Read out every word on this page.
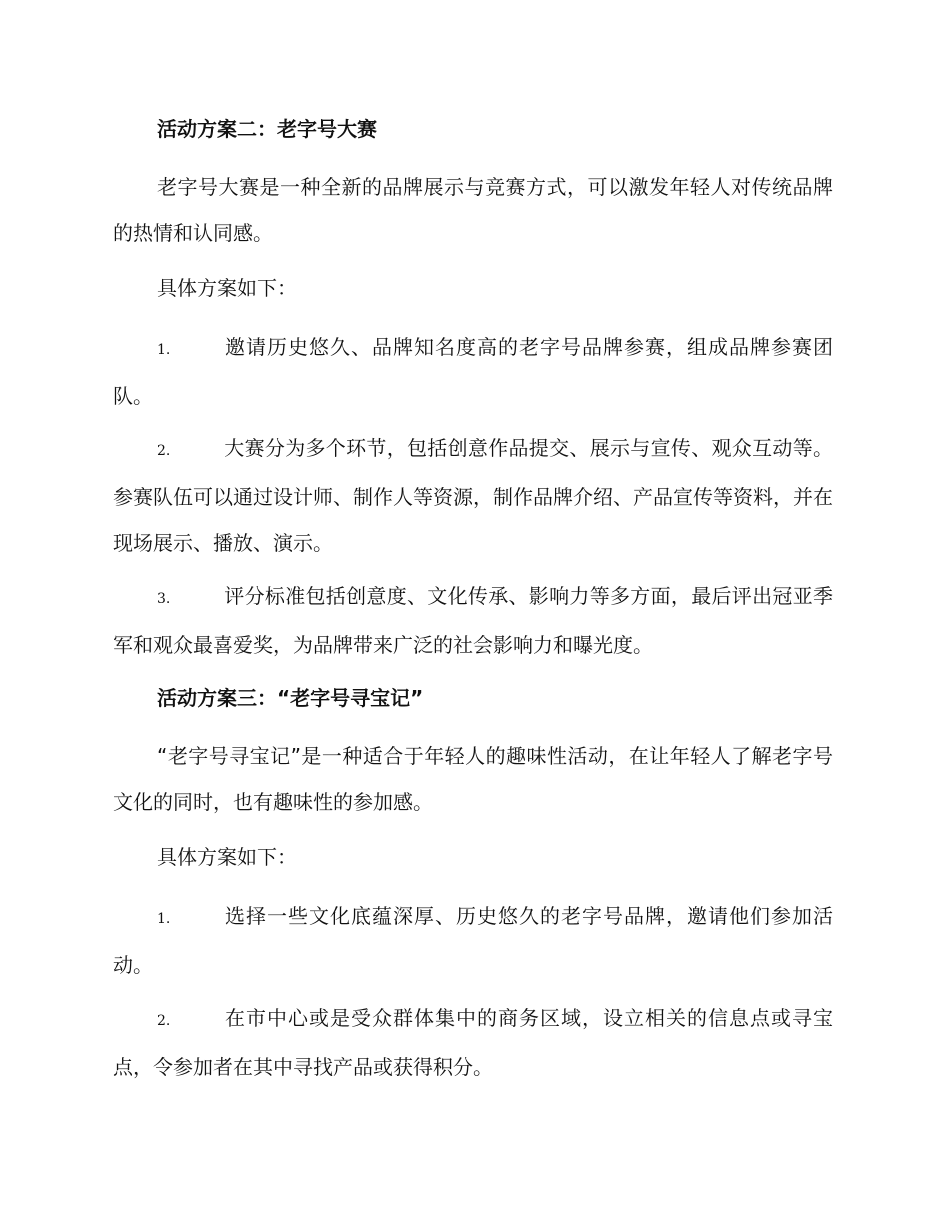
活动方案二：老字号大赛

老字号大赛是一种全新的品牌展示与竞赛方式，可以激发年轻人对传统品牌的热情和认同感。

具体方案如下：

1.	邀请历史悠久、品牌知名度高的老字号品牌参赛，组成品牌参赛团队。

2.	大赛分为多个环节，包括创意作品提交、展示与宣传、观众互动等。参赛队伍可以通过设计师、制作人等资源，制作品牌介绍、产品宣传等资料，并在现场展示、播放、演示。

3.	评分标准包括创意度、文化传承、影响力等多方面，最后评出冠亚季军和观众最喜爱奖，为品牌带来广泛的社会影响力和曝光度。

活动方案三：“老字号寻宝记”

“老字号寻宝记”是一种适合于年轻人的趣味性活动，在让年轻人了解老字号文化的同时，也有趣味性的参加感。

具体方案如下：

1.	选择一些文化底蕴深厚、历史悠久的老字号品牌，邀请他们参加活动。

2.	在市中心或是受众群体集中的商务区域，设立相关的信息点或寻宝点，令参加者在其中寻找产品或获得积分。
